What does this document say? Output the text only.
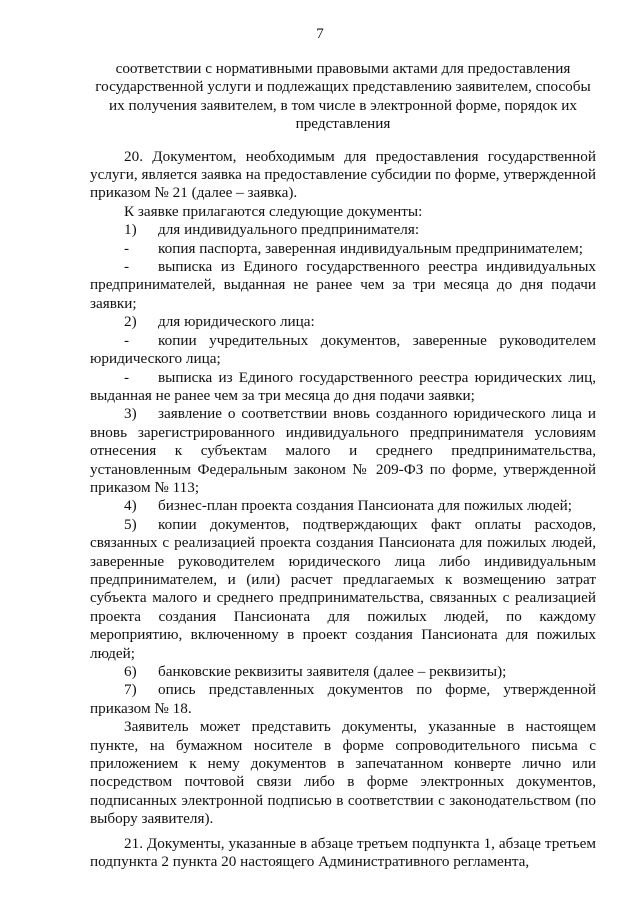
7
соответствии с нормативными правовыми актами для предоставления
государственной услуги и подлежащих представлению заявителем, способы
их получения заявителем, в том числе в электронной форме, порядок их
представления

20. Документом, необходимым для предоставления государственной услуги, является заявка на предоставление субсидии по форме, утвержденной приказом № 21 (далее – заявка).

К заявке прилагаются следующие документы:

1) для индивидуального предпринимателя:

- копия паспорта, заверенная индивидуальным предпринимателем;

- выписка из Единого государственного реестра индивидуальных предпринимателей, выданная не ранее чем за три месяца до дня подачи заявки;

2) для юридического лица:

- копии учредительных документов, заверенные руководителем юридического лица;

- выписка из Единого государственного реестра юридических лиц, выданная не ранее чем за три месяца до дня подачи заявки;

3) заявление о соответствии вновь созданного юридического лица и вновь зарегистрированного индивидуального предпринимателя условиям отнесения к субъектам малого и среднего предпринимательства, установленным Федеральным законом № 209-ФЗ по форме, утвержденной приказом № 113;

4) бизнес-план проекта создания Пансионата для пожилых людей;

5) копии документов, подтверждающих факт оплаты расходов, связанных с реализацией проекта создания Пансионата для пожилых людей, заверенные руководителем юридического лица либо индивидуальным предпринимателем, и (или) расчет предлагаемых к возмещению затрат субъекта малого и среднего предпринимательства, связанных с реализацией проекта создания Пансионата для пожилых людей, по каждому мероприятию, включенному в проект создания Пансионата для пожилых людей;

6) банковские реквизиты заявителя (далее – реквизиты);

7) опись представленных документов по форме, утвержденной приказом № 18.

Заявитель может представить документы, указанные в настоящем пункте, на бумажном носителе в форме сопроводительного письма с приложением к нему документов в запечатанном конверте лично или посредством почтовой связи либо в форме электронных документов, подписанных электронной подписью в соответствии с законодательством (по выбору заявителя).

21. Документы, указанные в абзаце третьем подпункта 1, абзаце третьем подпункта 2 пункта 20 настоящего Административного регламента,
